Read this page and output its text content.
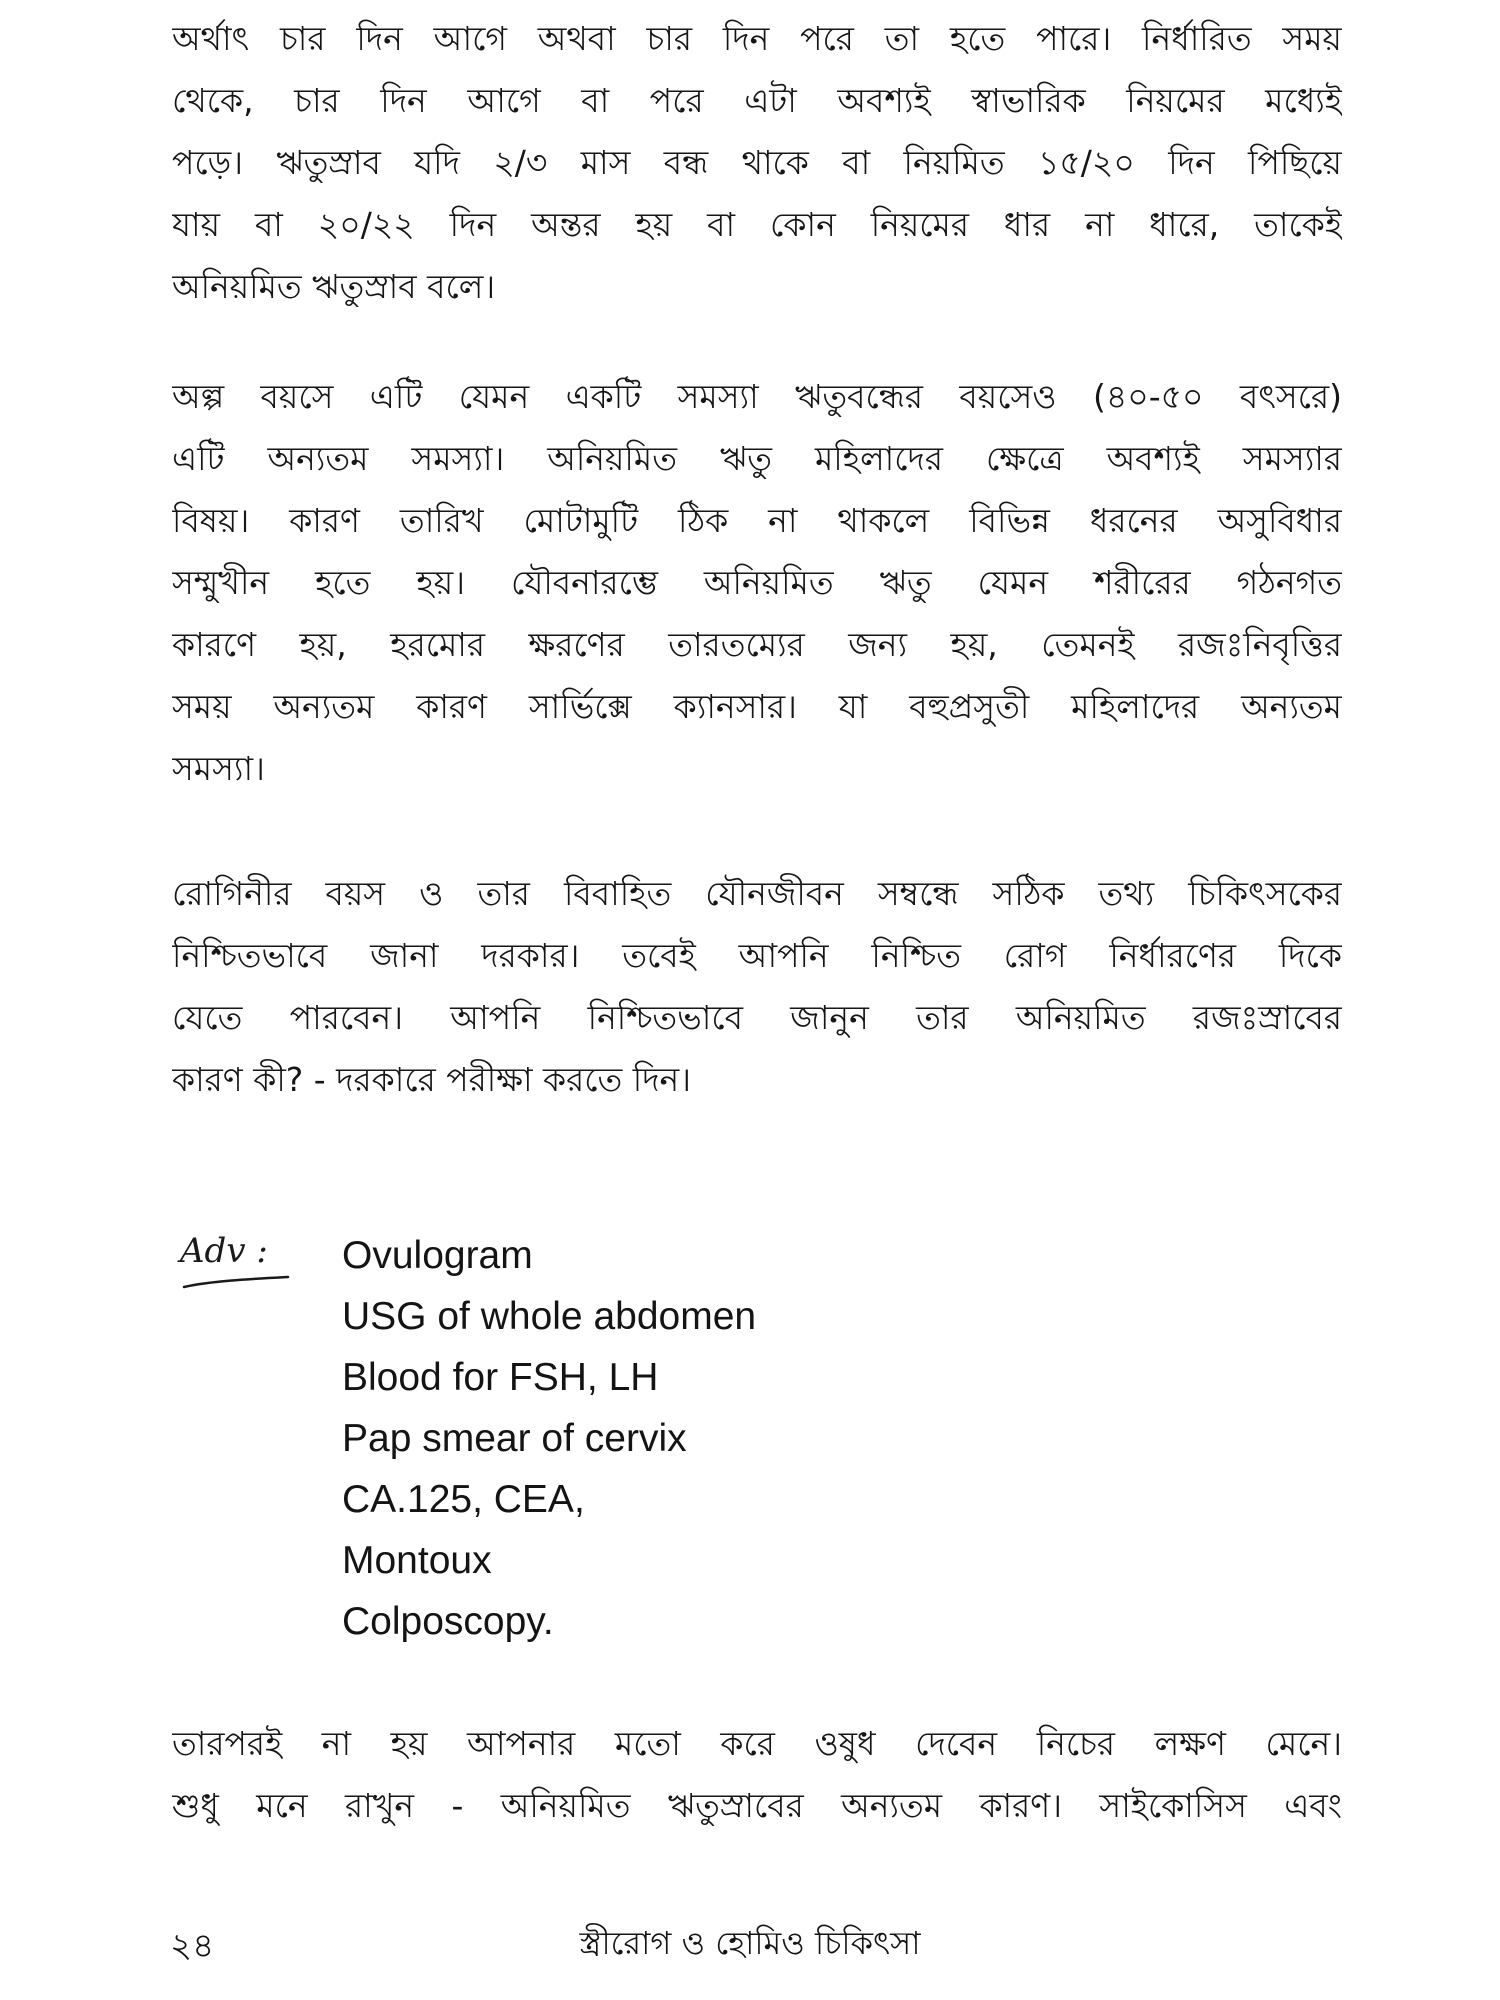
অর্থাৎ চার দিন আগে অথবা চার দিন পরে তা হতে পারে। নির্ধারিত সময়
থেকে, চার দিন আগে বা পরে এটা অবশ্যই স্বাভারিক নিয়মের মধ্যেই
পড়ে। ঋতুস্রাব যদি ২/৩ মাস বন্ধ থাকে বা নিয়মিত ১৫/২০ দিন পিছিয়ে
যায় বা ২০/২২ দিন অন্তর হয় বা কোন নিয়মের ধার না ধারে, তাকেই
অনিয়মিত ঋতুস্রাব বলে।
অল্প বয়সে এটি যেমন একটি সমস্যা ঋতুবন্ধের বয়সেও (৪০-৫০ বৎসরে)
এটি অন্যতম সমস্যা। অনিয়মিত ঋতু মহিলাদের ক্ষেত্রে অবশ্যই সমস্যার
বিষয়। কারণ তারিখ মোটামুটি ঠিক না থাকলে বিভিন্ন ধরনের অসুবিধার
সম্মুখীন হতে হয়। যৌবনারম্ভে অনিয়মিত ঋতু যেমন শরীরের গঠনগত
কারণে হয়, হরমোর ক্ষরণের তারতম্যের জন্য হয়, তেমনই রজঃনিবৃত্তির
সময় অন্যতম কারণ সার্ভিক্সে ক্যানসার। যা বহুপ্রসুতী মহিলাদের অন্যতম
সমস্যা।
রোগিনীর বয়স ও তার বিবাহিত যৌনজীবন সম্বন্ধে সঠিক তথ্য চিকিৎসকের
নিশ্চিতভাবে জানা দরকার। তবেই আপনি নিশ্চিত রোগ নির্ধারণের দিকে
যেতে পারবেন। আপনি নিশ্চিতভাবে জানুন তার অনিয়মিত রজঃস্রাবের
কারণ কী? - দরকারে পরীক্ষা করতে দিন।
Adv :	Ovulogram
USG of whole abdomen
Blood for FSH, LH
Pap smear of cervix
CA.125, CEA,
Montoux
Colposcopy.
তারপরই না হয় আপনার মতো করে ওষুধ দেবেন নিচের লক্ষণ মেনে।
শুধু মনে রাখুন - অনিয়মিত ঋতুস্রাবের অন্যতম কারণ। সাইকোসিস এবং
স্ত্রীরোগ ও হোমিও চিকিৎসা
২৪
